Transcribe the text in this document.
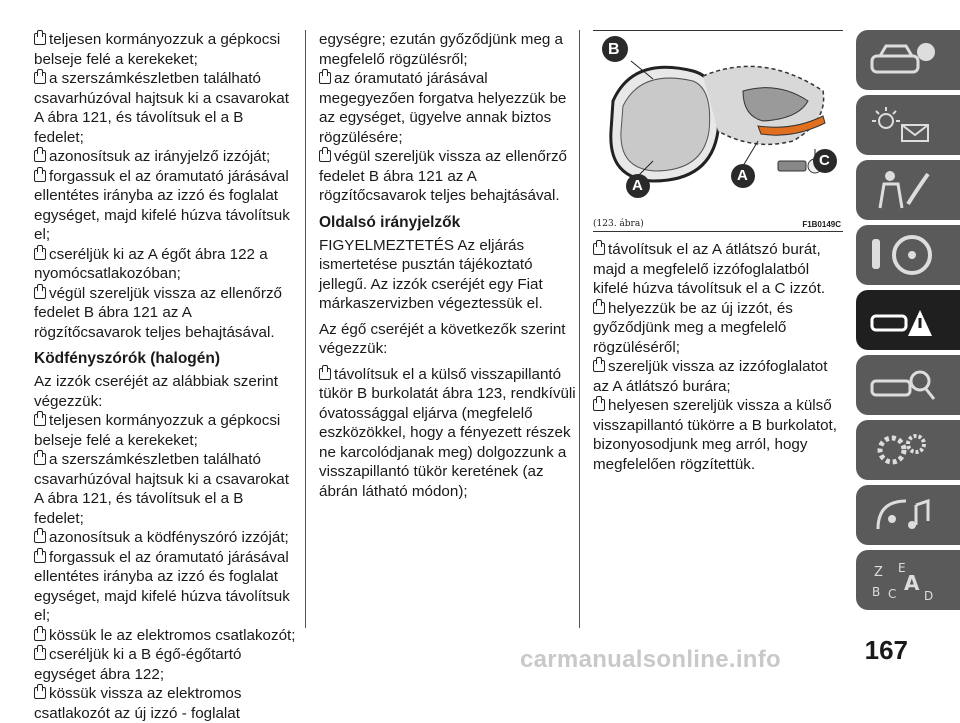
teljesen kormányozzuk a gépkocsi belseje felé a kerekeket;

a szerszámkészletben található csavarhúzóval hajtsuk ki a csavarokat A ábra 121, és távolítsuk el a B fedelet;

azonosítsuk az irányjelző izzóját;

forgassuk el az óramutató járásával ellentétes irányba az izzó és foglalat egységet, majd kifelé húzva távolítsuk el;

cseréljük ki az A égőt ábra 122 a nyomócsatlakozóban;

végül szereljük vissza az ellenőrző fedelet B ábra 121 az A rögzítőcsavarok teljes behajtásával.

Ködfényszórók (halogén)

Az izzók cseréjét az alábbiak szerint végezzük:

teljesen kormányozzuk a gépkocsi belseje felé a kerekeket;

a szerszámkészletben található csavarhúzóval hajtsuk ki a csavarokat A ábra 121, és távolítsuk el a B fedelet;

azonosítsuk a ködfényszóró izzóját;

forgassuk el az óramutató járásával ellentétes irányba az izzó és foglalat egységet, majd kifelé húzva távolítsuk el;

kössük le az elektromos csatlakozót;

cseréljük ki a B égő-égőtartó egységet ábra 122;

kössük vissza az elektromos csatlakozót az új izzó - foglalat

egységre; ezután győződjünk meg a megfelelő rögzülésről;

az óramutató járásával megegyezően forgatva helyezzük be az egységet, ügyelve annak biztos rögzülésére;

végül szereljük vissza az ellenőrző fedelet B ábra 121 az A rögzítőcsavarok teljes behajtásával.

Oldalsó irányjelzők

FIGYELMEZTETÉS Az eljárás ismertetése pusztán tájékoztató jellegű. Az izzók cseréjét egy Fiat márkaszervizben végeztessük el.

Az égő cseréjét a következők szerint végezzük:

távolítsuk el a külső visszapillantó tükör B burkolatát ábra 123, rendkívüli óvatossággal eljárva (megfelelő eszközökkel, hogy a fényezett részek ne karcolódjanak meg) dolgozzunk a visszapillantó tükör keretének (az ábrán látható módon);

B
A
A
C
(123. ábra)	F1B0149C

távolítsuk el az A átlátszó burát, majd a megfelelő izzófoglalatból kifelé húzva távolítsuk el a C izzót.

helyezzük be az új izzót, és győződjünk meg a megfelelő rögzüléséről;

szereljük vissza az izzófoglalatot az A átlátszó burára;

helyesen szereljük vissza a külső visszapillantó tükörre a B burkolatot, bizonyosodjunk meg arról, hogy megfelelően rögzítettük.

Z E
A
B C D
167
carmanualsonline.info
